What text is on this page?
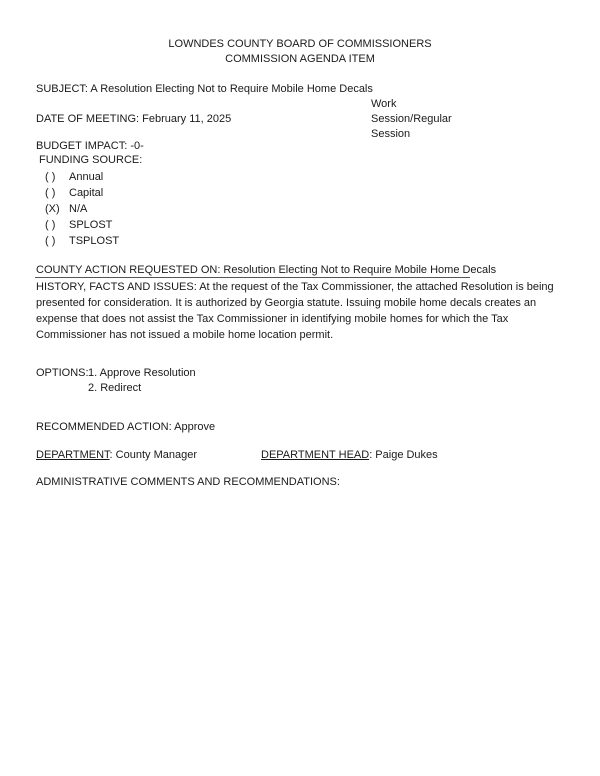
LOWNDES COUNTY BOARD OF COMMISSIONERS
COMMISSION AGENDA ITEM
SUBJECT: A Resolution Electing Not to Require Mobile Home Decals
Work
Session/Regular
Session
DATE OF MEETING: February 11, 2025
BUDGET IMPACT: -0-
FUNDING SOURCE:
( ) Annual
( ) Capital
(X) N/A
( ) SPLOST
( ) TSPLOST
COUNTY ACTION REQUESTED ON: Resolution Electing Not to Require Mobile Home Decals
HISTORY, FACTS AND ISSUES: At the request of the Tax Commissioner, the attached Resolution is being presented for consideration. It is authorized by Georgia statute. Issuing mobile home decals creates an expense that does not assist the Tax Commissioner in identifying mobile homes for which the Tax Commissioner has not issued a mobile home location permit.
OPTIONS: 1. Approve Resolution
2. Redirect
RECOMMENDED ACTION: Approve
DEPARTMENT: County Manager	DEPARTMENT HEAD: Paige Dukes
ADMINISTRATIVE COMMENTS AND RECOMMENDATIONS:
